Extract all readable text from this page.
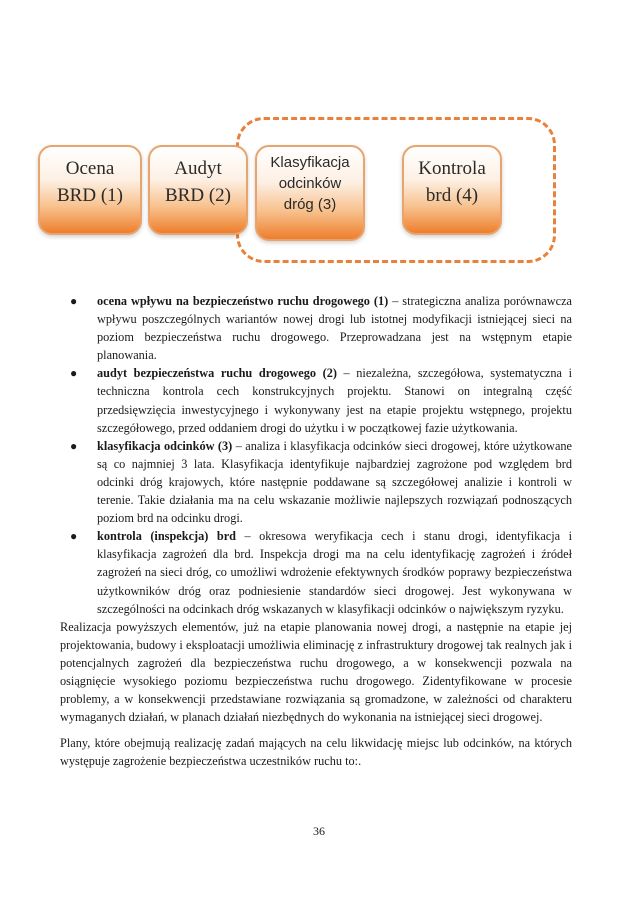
Ocena
BRD (1)
Audyt
BRD (2)
Klasyfikacja
odcinków
dróg (3)
Kontrola
brd (4)
● ocena wpływu na bezpieczeństwo ruchu drogowego (1) – strategiczna analiza porównawcza wpływu poszczególnych wariantów nowej drogi lub istotnej modyfikacji istniejącej sieci na poziom bezpieczeństwa ruchu drogowego. Przeprowadzana jest na wstępnym etapie planowania.
● audyt bezpieczeństwa ruchu drogowego (2) – niezależna, szczegółowa, systematyczna i techniczna kontrola cech konstrukcyjnych projektu. Stanowi on integralną część przedsięwzięcia inwestycyjnego i wykonywany jest na etapie projektu wstępnego, projektu szczegółowego, przed oddaniem drogi do użytku i w początkowej fazie użytkowania.
● klasyfikacja odcinków (3) – analiza i klasyfikacja odcinków sieci drogowej, które użytkowane są co najmniej 3 lata. Klasyfikacja identyfikuje najbardziej zagrożone pod względem brd odcinki dróg krajowych, które następnie poddawane są szczegółowej analizie i kontroli w terenie. Takie działania ma na celu wskazanie możliwie najlepszych rozwiązań podnoszących poziom brd na odcinku drogi.
● kontrola (inspekcja) brd – okresowa weryfikacja cech i stanu drogi, identyfikacja i klasyfikacja zagrożeń dla brd. Inspekcja drogi ma na celu identyfikację zagrożeń i źródeł zagrożeń na sieci dróg, co umożliwi wdrożenie efektywnych środków poprawy bezpieczeństwa użytkowników dróg oraz podniesienie standardów sieci drogowej. Jest wykonywana w szczególności na odcinkach dróg wskazanych w klasyfikacji odcinków o największym ryzyku.

Realizacja powyższych elementów, już na etapie planowania nowej drogi, a następnie na etapie jej projektowania, budowy i eksploatacji umożliwia eliminację z infrastruktury drogowej tak realnych jak i potencjalnych zagrożeń dla bezpieczeństwa ruchu drogowego, a w konsekwencji pozwala na osiągnięcie wysokiego poziomu bezpieczeństwa ruchu drogowego. Zidentyfikowane w procesie problemy, a w konsekwencji przedstawiane rozwiązania są gromadzone, w zależności od charakteru wymaganych działań, w planach działań niezbędnych do wykonania na istniejącej sieci drogowej.

Plany, które obejmują realizację zadań mających na celu likwidację miejsc lub odcinków, na których występuje zagrożenie bezpieczeństwa uczestników ruchu to:.

36
